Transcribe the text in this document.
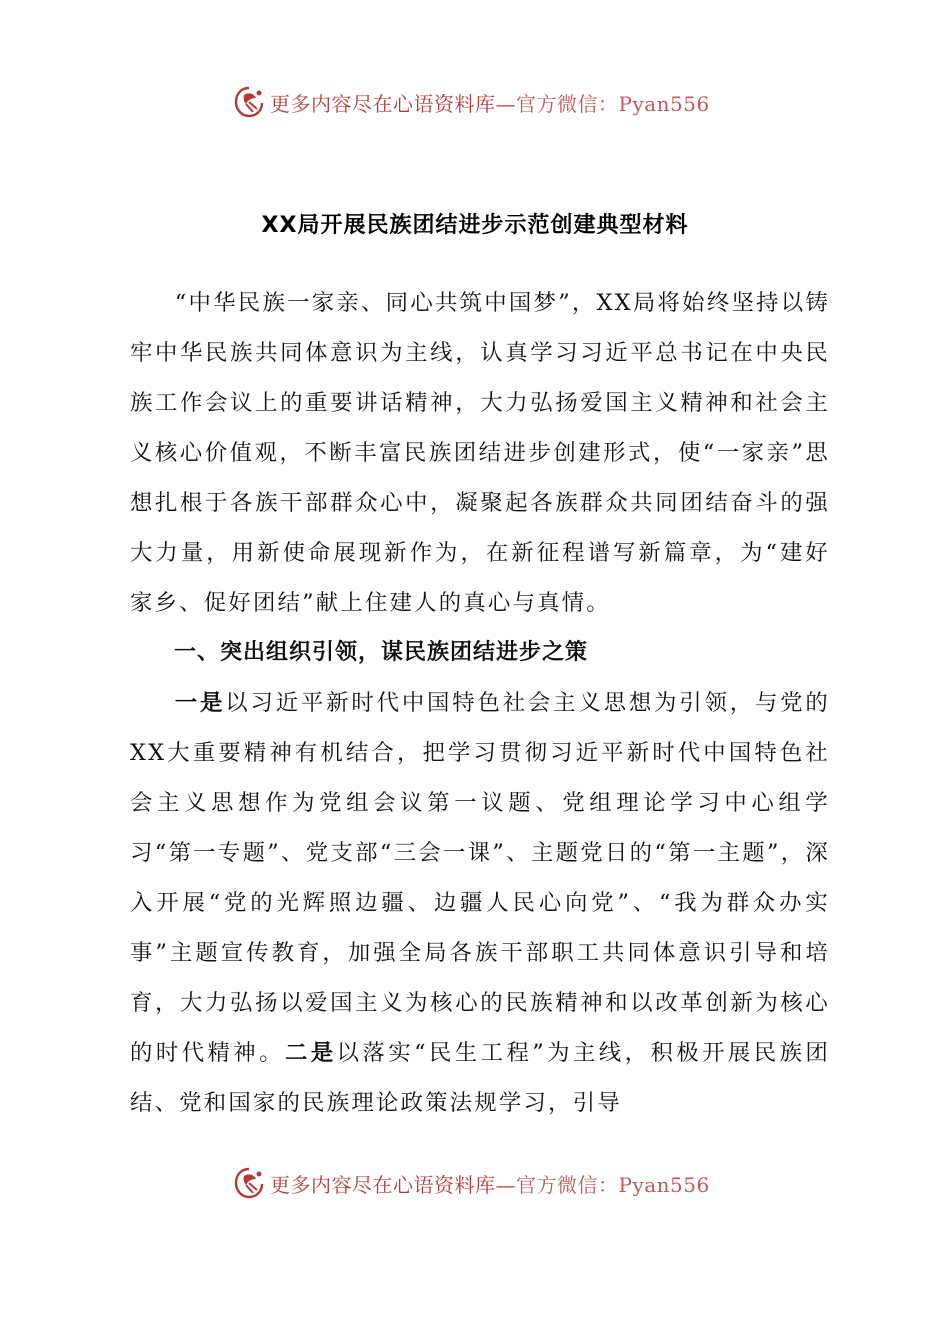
更多内容尽在心语资料库—官方微信：Pyan556
XX局开展民族团结进步示范创建典型材料

“中华民族一家亲、同心共筑中国梦”，XX局将始终坚持以铸牢中华民族共同体意识为主线，认真学习习近平总书记在中央民族工作会议上的重要讲话精神，大力弘扬爱国主义精神和社会主义核心价值观，不断丰富民族团结进步创建形式，使“一家亲”思想扎根于各族干部群众心中，凝聚起各族群众共同团结奋斗的强大力量，用新使命展现新作为，在新征程谱写新篇章，为“建好家乡、促好团结”献上住建人的真心与真情。

一、突出组织引领，谋民族团结进步之策

一是以习近平新时代中国特色社会主义思想为引领，与党的XX大重要精神有机结合，把学习贯彻习近平新时代中国特色社会主义思想作为党组会议第一议题、党组理论学习中心组学习“第一专题”、党支部“三会一课”、主题党日的“第一主题”，深入开展“党的光辉照边疆、边疆人民心向党”、“我为群众办实事”主题宣传教育，加强全局各族干部职工共同体意识引导和培育，大力弘扬以爱国主义为核心的民族精神和以改革创新为核心的时代精神。二是以落实“民生工程”为主线，积极开展民族团结、党和国家的民族理论政策法规学习，引导

更多内容尽在心语资料库—官方微信：Pyan556
